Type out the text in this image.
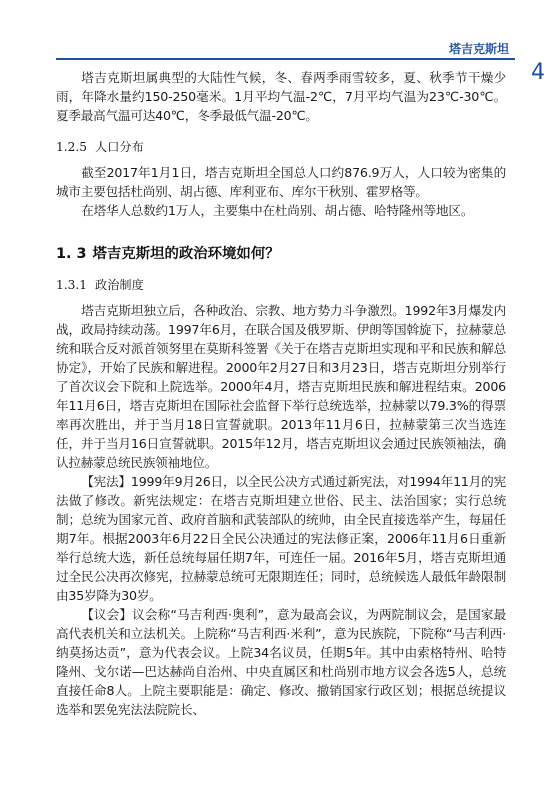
塔吉克斯坦
4

塔吉克斯坦属典型的大陆性气候，冬、春两季雨雪较多，夏、秋季节干燥少雨，年降水量约150-250毫米。1月平均气温-2℃，7月平均气温为23℃-30℃。夏季最高气温可达40℃，冬季最低气温-20℃。

1.2.5 人口分布

截至2017年1月1日，塔吉克斯坦全国总人口约876.9万人，人口较为密集的城市主要包括杜尚别、胡占德、库利亚布、库尔干秋别、霍罗格等。

在塔华人总数约1万人，主要集中在杜尚别、胡占德、哈特隆州等地区。

1. 3 塔吉克斯坦的政治环境如何？
1.3.1 政治制度

塔吉克斯坦独立后，各种政治、宗教、地方势力斗争激烈。1992年3月爆发内战，政局持续动荡。1997年6月，在联合国及俄罗斯、伊朗等国斡旋下，拉赫蒙总统和联合反对派首领努里在莫斯科签署《关于在塔吉克斯坦实现和平和民族和解总协定》，开始了民族和解进程。2000年2月27日和3月23日，塔吉克斯坦分别举行了首次议会下院和上院选举。2000年4月，塔吉克斯坦民族和解进程结束。2006年11月6日，塔吉克斯坦在国际社会监督下举行总统选举，拉赫蒙以79.3%的得票率再次胜出，并于当月18日宣誓就职。2013年11月6日，拉赫蒙第三次当选连任，并于当月16日宣誓就职。2015年12月，塔吉克斯坦议会通过民族领袖法，确认拉赫蒙总统民族领袖地位。

【宪法】1999年9月26日，以全民公决方式通过新宪法，对1994年11月的宪法做了修改。新宪法规定：在塔吉克斯坦建立世俗、民主、法治国家；实行总统制；总统为国家元首、政府首脑和武装部队的统帅，由全民直接选举产生，每届任期7年。根据2003年6月22日全民公决通过的宪法修正案，2006年11月6日重新举行总统大选，新任总统每届任期7年，可连任一届。2016年5月，塔吉克斯坦通过全民公决再次修宪，拉赫蒙总统可无限期连任；同时，总统候选人最低年龄限制由35岁降为30岁。

【议会】议会称“马吉利西·奥利”，意为最高会议，为两院制议会，是国家最高代表机关和立法机关。上院称“马吉利西·米利”，意为民族院，下院称“马吉利西·纳莫扬达贡”，意为代表会议。上院34名议员，任期5年。其中由索格特州、哈特隆州、戈尔诺—巴达赫尚自治州、中央直属区和杜尚别市地方议会各选5人，总统直接任命8人。上院主要职能是：确定、修改、撤销国家行政区划；根据总统提议选举和罢免宪法法院院长、
